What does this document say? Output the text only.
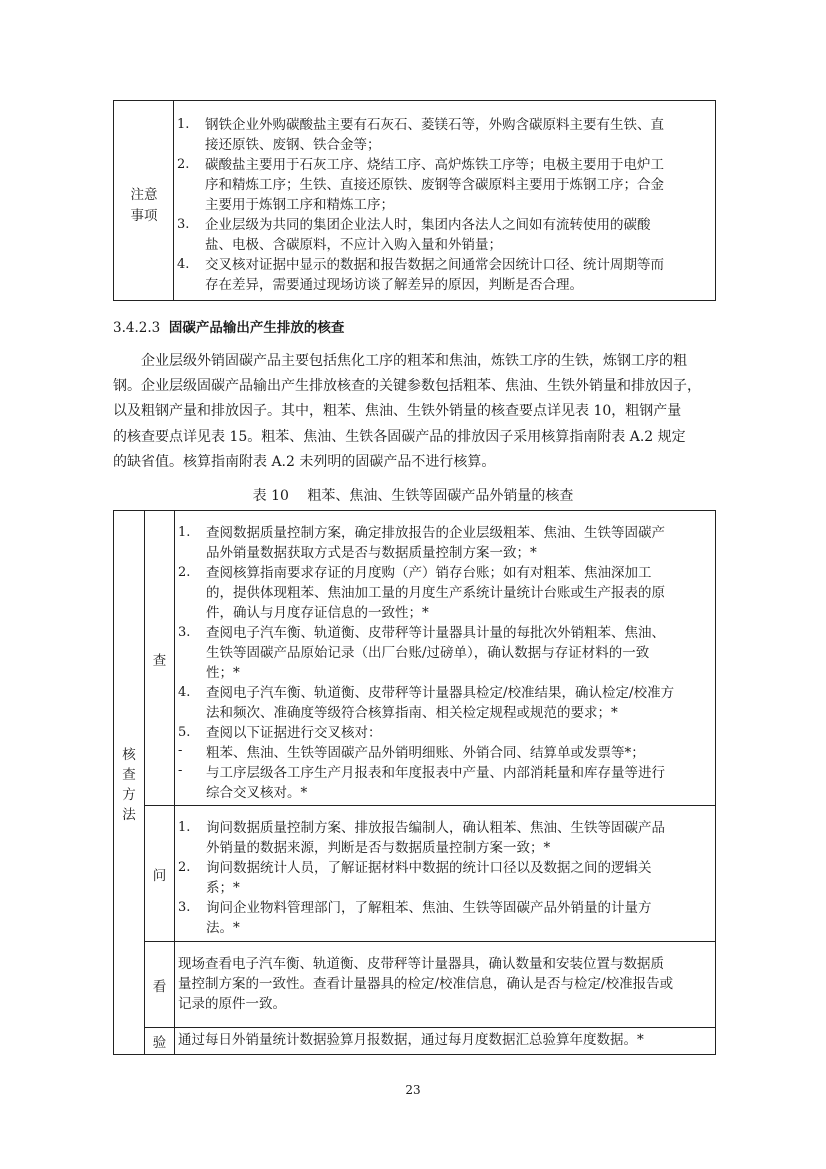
注意
事项
1. 钢铁企业外购碳酸盐主要有石灰石、菱镁石等，外购含碳原料主要有生铁、直
接还原铁、废钢、铁合金等；
2. 碳酸盐主要用于石灰工序、烧结工序、高炉炼铁工序等；电极主要用于电炉工
序和精炼工序；生铁、直接还原铁、废钢等含碳原料主要用于炼钢工序；合金
主要用于炼钢工序和精炼工序；
3. 企业层级为共同的集团企业法人时，集团内各法人之间如有流转使用的碳酸
盐、电极、含碳原料，不应计入购入量和外销量；
4. 交叉核对证据中显示的数据和报告数据之间通常会因统计口径、统计周期等而
存在差异，需要通过现场访谈了解差异的原因，判断是否合理。
3.4.2.3 固碳产品输出产生排放的核查
企业层级外销固碳产品主要包括焦化工序的粗苯和焦油，炼铁工序的生铁，炼钢工序的粗
钢。企业层级固碳产品输出产生排放核查的关键参数包括粗苯、焦油、生铁外销量和排放因子，
以及粗钢产量和排放因子。其中，粗苯、焦油、生铁外销量的核查要点详见表 10，粗钢产量
的核查要点详见表 15。粗苯、焦油、生铁各固碳产品的排放因子采用核算指南附表 A.2 规定
的缺省值。核算指南附表 A.2 未列明的固碳产品不进行核算。
表 10　 粗苯、焦油、生铁等固碳产品外销量的核查
核
查
方
法
查
1. 查阅数据质量控制方案，确定排放报告的企业层级粗苯、焦油、生铁等固碳产
品外销量数据获取方式是否与数据质量控制方案一致；*
2. 查阅核算指南要求存证的月度购（产）销存台账；如有对粗苯、焦油深加工
的，提供体现粗苯、焦油加工量的月度生产系统计量统计台账或生产报表的原
件，确认与月度存证信息的一致性；*
3. 查阅电子汽车衡、轨道衡、皮带秤等计量器具计量的每批次外销粗苯、焦油、
生铁等固碳产品原始记录（出厂台账/过磅单），确认数据与存证材料的一致
性；*
4. 查阅电子汽车衡、轨道衡、皮带秤等计量器具检定/校准结果，确认检定/校准方
法和频次、准确度等级符合核算指南、相关检定规程或规范的要求；*
5. 查阅以下证据进行交叉核对：
- 粗苯、焦油、生铁等固碳产品外销明细账、外销合同、结算单或发票等*；
- 与工序层级各工序生产月报表和年度报表中产量、内部消耗量和库存量等进行
综合交叉核对。*
问
1. 询问数据质量控制方案、排放报告编制人，确认粗苯、焦油、生铁等固碳产品
外销量的数据来源，判断是否与数据质量控制方案一致；*
2. 询问数据统计人员，了解证据材料中数据的统计口径以及数据之间的逻辑关
系；*
3. 询问企业物料管理部门，了解粗苯、焦油、生铁等固碳产品外销量的计量方
法。*
看
现场查看电子汽车衡、轨道衡、皮带秤等计量器具，确认数量和安装位置与数据质
量控制方案的一致性。查看计量器具的检定/校准信息，确认是否与检定/校准报告或
记录的原件一致。
验 通过每日外销量统计数据验算月报数据，通过每月度数据汇总验算年度数据。*
23
